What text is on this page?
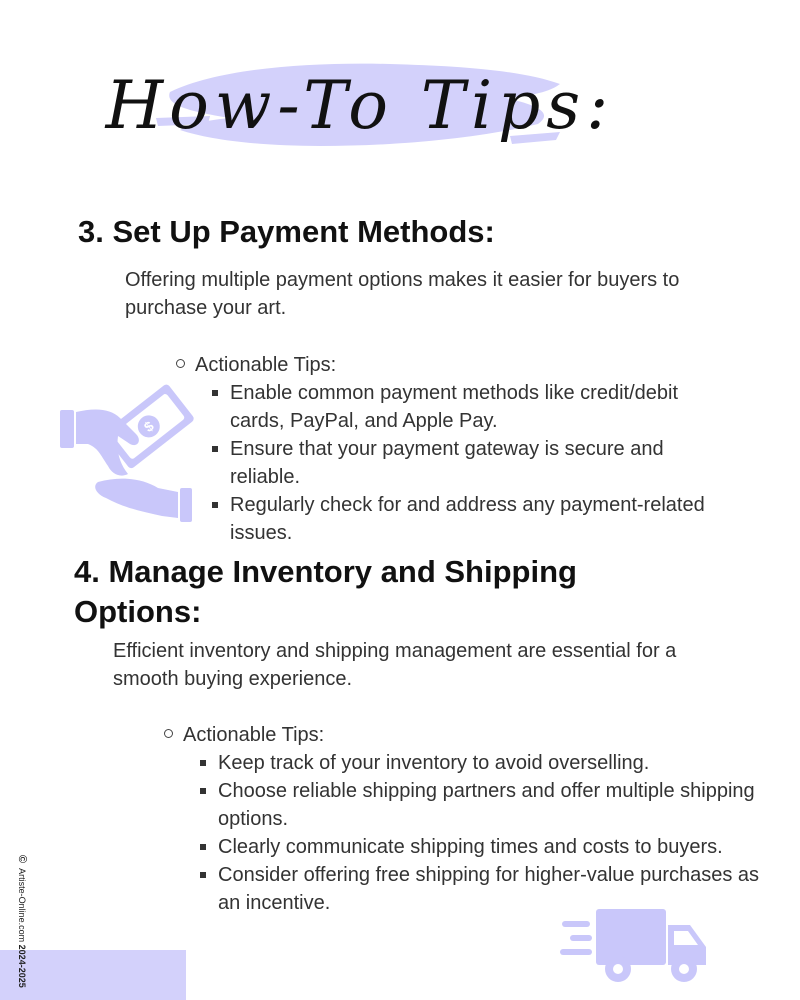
How-To Tips:
3. Set Up Payment Methods:

Offering multiple payment options makes it easier for buyers to purchase your art.

Actionable Tips:
Enable common payment methods like credit/debit cards, PayPal, and Apple Pay.
Ensure that your payment gateway is secure and reliable.
Regularly check for and address any payment-related issues.
$
4. Manage Inventory and Shipping Options:

Efficient inventory and shipping management are essential for a smooth buying experience.

Actionable Tips:
Keep track of your inventory to avoid overselling.
Choose reliable shipping partners and offer multiple shipping options.
Clearly communicate shipping times and costs to buyers.
Consider offering free shipping for higher-value purchases as an incentive.
© Artiste-Online.com 2024-2025
